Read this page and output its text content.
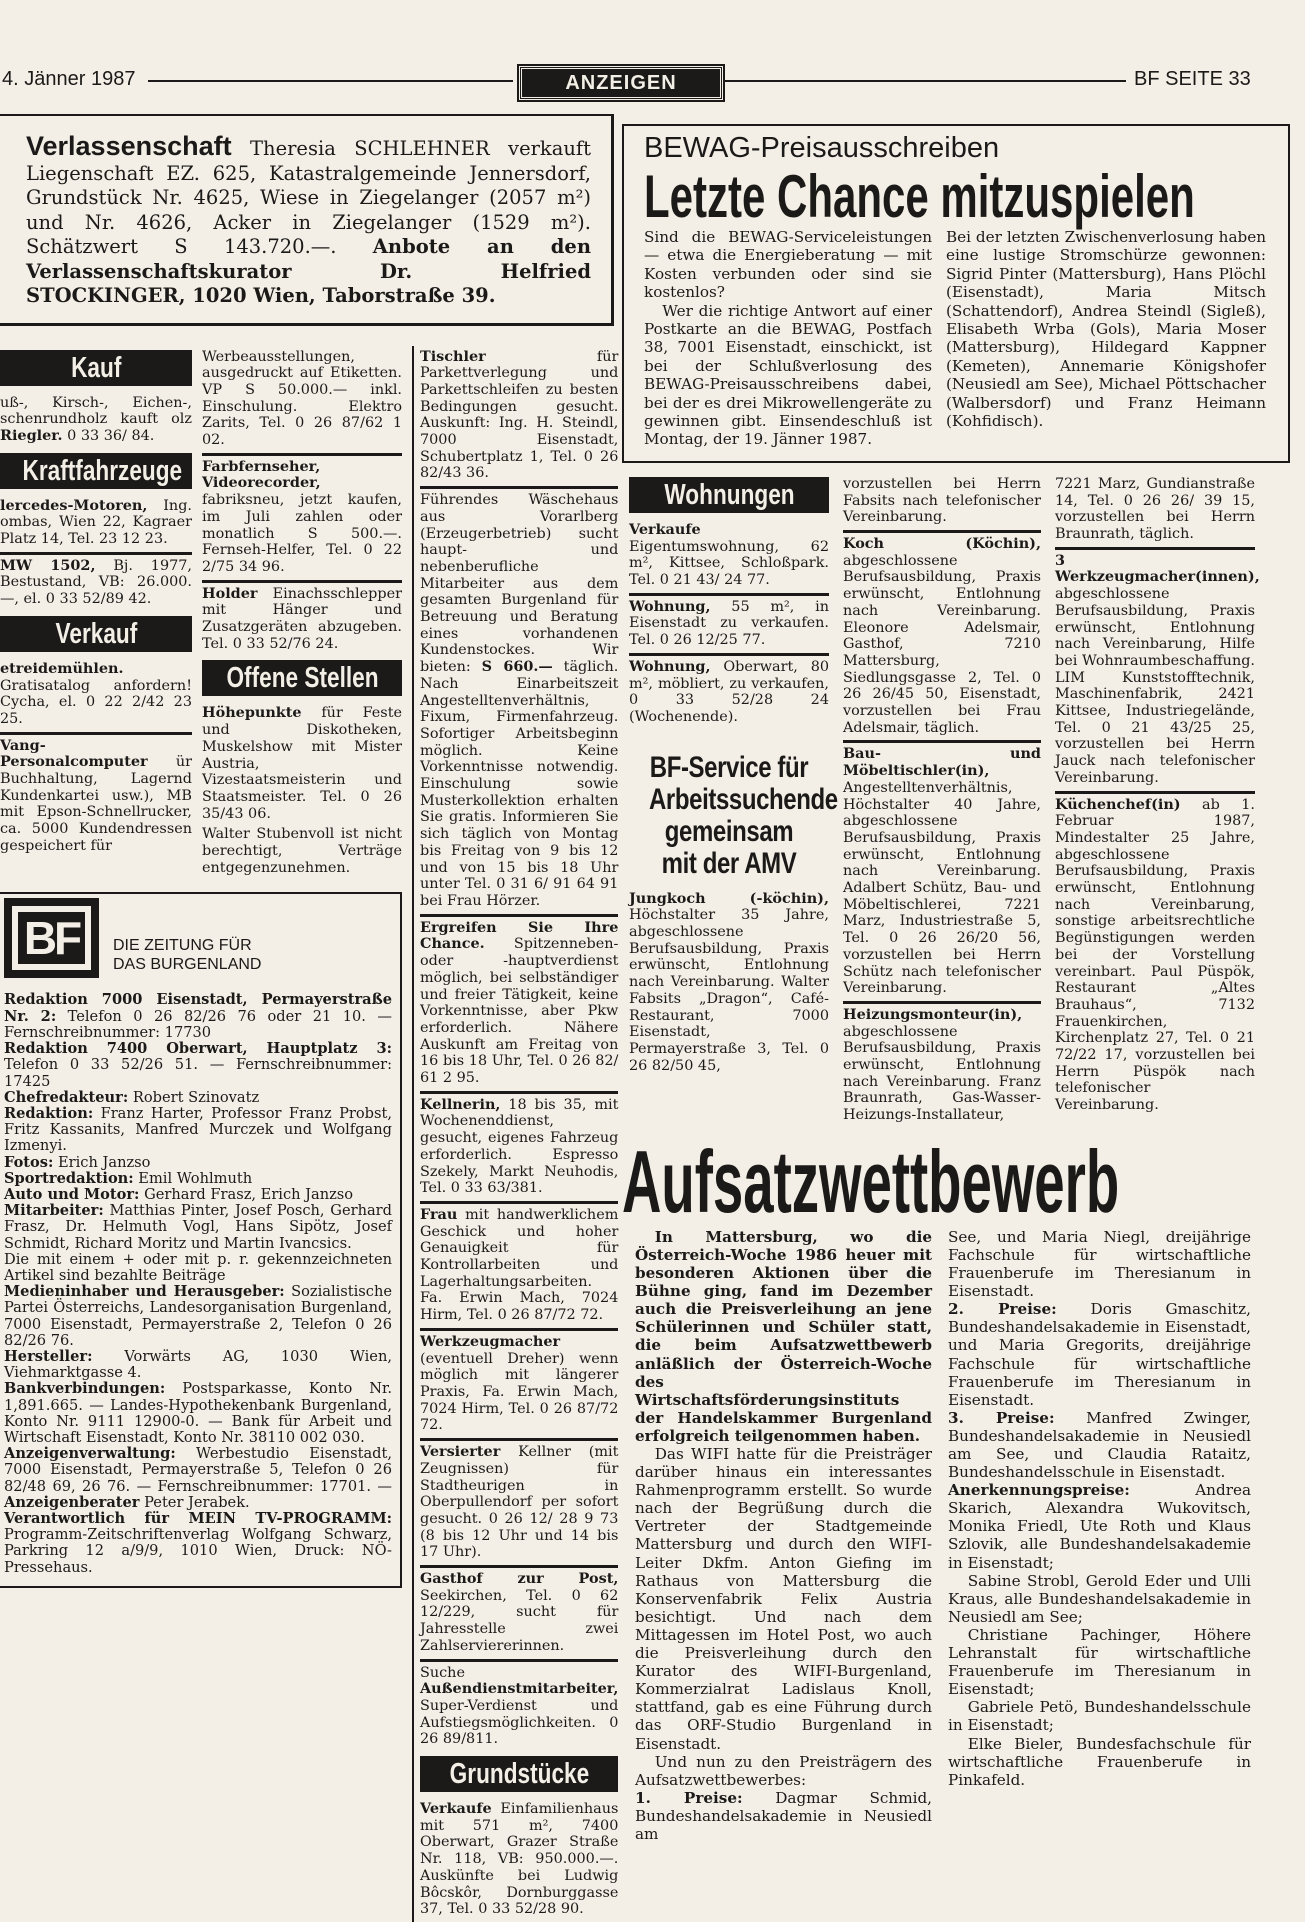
4. Jänner 1987	ANZEIGEN	BF SEITE 33
Verlassenschaft Theresia SCHLEHNER verkauft Liegenschaft EZ. 625, Katastralgemeinde Jennersdorf, Grundstück Nr. 4625, Wiese in Ziegelanger (2057 m²) und Nr. 4626, Acker in Ziegelanger (1529 m²). Schätzwert S 143.720.—. Anbote an den Verlassenschaftskurator Dr. Helfried STOCKINGER, 1020 Wien, Taborstraße 39.
Kauf

uß-, Kirsch-, Eichen-, schenrundholz kauft olz Riegler. 0 33 36/ 84.

Kraftfahrzeuge

lercedes-Motoren, Ing. ombas, Wien 22, Kagraer Platz 14, Tel. 23 12 23.

MW 1502, Bj. 1977, Bestustand, VB: 26.000.—, el. 0 33 52/89 42.

Verkauf

etreidemühlen. Gratisatalog anfordern! Cycha, el. 0 22 2/42 23 25.

Vang-Personalcomputer ür Buchhaltung, Lagernd Kundenkartei usw.), MB mit Epson-Schnellrucker, ca. 5000 Kundendressen gespeichert für

Werbeausstellungen, ausgedruckt auf Etiketten. VP S 50.000.— inkl. Einschulung. Elektro Zarits, Tel. 0 26 87/62 1 02.

Farbfernseher, Videorecorder, fabriksneu, jetzt kaufen, im Juli zahlen oder monatlich S 500.—. Fernseh-Helfer, Tel. 0 22 2/75 34 96.

Holder Einachsschlepper mit Hänger und Zusatzgeräten abzugeben. Tel. 0 33 52/76 24.

Offene Stellen

Höhepunkte für Feste und Diskotheken, Muskelshow mit Mister Austria, Vizestaatsmeisterin und Staatsmeister. Tel. 0 26 35/43 06.

Walter Stubenvoll ist nicht berechtigt, Verträge entgegenzunehmen.

BF	DIE ZEITUNG FÜR
DAS BURGENLAND

Redaktion 7000 Eisenstadt, Permayerstraße Nr. 2: Telefon 0 26 82/26 76 oder 21 10. — Fernschreibnummer: 17730

Redaktion 7400 Oberwart, Hauptplatz 3: Telefon 0 33 52/26 51. — Fernschreibnummer: 17425

Chefredakteur: Robert Szinovatz

Redaktion: Franz Harter, Professor Franz Probst, Fritz Kassanits, Manfred Murczek und Wolfgang Izmenyi.

Fotos: Erich Janzso

Sportredaktion: Emil Wohlmuth

Auto und Motor: Gerhard Frasz, Erich Janzso

Mitarbeiter: Matthias Pinter, Josef Posch, Gerhard Frasz, Dr. Helmuth Vogl, Hans Sipötz, Josef Schmidt, Richard Moritz und Martin Ivancsics.

Die mit einem + oder mit p. r. gekennzeichneten Artikel sind bezahlte Beiträge

Medieninhaber und Herausgeber: Sozialistische Partei Österreichs, Landesorganisation Burgenland, 7000 Eisenstadt, Permayerstraße 2, Telefon 0 26 82/26 76.

Hersteller: Vorwärts AG, 1030 Wien, Viehmarktgasse 4.

Bankverbindungen: Postsparkasse, Konto Nr. 1,891.665. — Landes-Hypothekenbank Burgenland, Konto Nr. 9111 12900-0. — Bank für Arbeit und Wirtschaft Eisenstadt, Konto Nr. 38110 002 030.

Anzeigenverwaltung: Werbestudio Eisenstadt, 7000 Eisenstadt, Permayerstraße 5, Telefon 0 26 82/48 69, 26 76. — Fernschreibnummer: 17701. — Anzeigenberater Peter Jerabek.

Verantwortlich für MEIN TV-PROGRAMM: Programm-Zeitschriftenverlag Wolfgang Schwarz, Parkring 12 a/9/9, 1010 Wien, Druck: NÖ-Pressehaus.

Tischler für Parkettverlegung und Parkettschleifen zu besten Bedingungen gesucht. Auskunft: Ing. H. Steindl, 7000 Eisenstadt, Schubertplatz 1, Tel. 0 26 82/43 36.

Führendes Wäschehaus aus Vorarlberg (Erzeugerbetrieb) sucht haupt- und nebenberufliche Mitarbeiter aus dem gesamten Burgenland für Betreuung und Beratung eines vorhandenen Kundenstockes. Wir bieten: S 660.— täglich. Nach Einarbeitszeit Angestelltenverhältnis, Fixum, Firmenfahrzeug. Sofortiger Arbeitsbeginn möglich. Keine Vorkenntnisse notwendig. Einschulung sowie Musterkollektion erhalten Sie gratis. Informieren Sie sich täglich von Montag bis Freitag von 9 bis 12 und von 15 bis 18 Uhr unter Tel. 0 31 6/ 91 64 91 bei Frau Hörzer.

Ergreifen Sie Ihre Chance. Spitzenneben- oder -hauptverdienst möglich, bei selbständiger und freier Tätigkeit, keine Vorkenntnisse, aber Pkw erforderlich. Nähere Auskunft am Freitag von 16 bis 18 Uhr, Tel. 0 26 82/ 61 2 95.

Kellnerin, 18 bis 35, mit Wochenenddienst, gesucht, eigenes Fahrzeug erforderlich. Espresso Szekely, Markt Neuhodis, Tel. 0 33 63/381.

Frau mit handwerklichem Geschick und hoher Genauigkeit für Kontrollarbeiten und Lagerhaltungsarbeiten. Fa. Erwin Mach, 7024 Hirm, Tel. 0 26 87/72 72.

Werkzeugmacher (eventuell Dreher) wenn möglich mit längerer Praxis, Fa. Erwin Mach, 7024 Hirm, Tel. 0 26 87/72 72.

Versierter Kellner (mit Zeugnissen) für Stadtheurigen in Oberpullendorf per sofort gesucht. 0 26 12/ 28 9 73 (8 bis 12 Uhr und 14 bis 17 Uhr).

Gasthof zur Post, Seekirchen, Tel. 0 62 12/229, sucht für Jahresstelle zwei Zahlserviererinnen.

Suche Außendienstmitarbeiter, Super-Verdienst und Aufstiegsmöglichkeiten. 0 26 89/811.

Grundstücke

Verkaufe Einfamilienhaus mit 571 m², 7400 Oberwart, Grazer Straße Nr. 118, VB: 950.000.—. Auskünfte bei Ludwig Bôcskôr, Dornburggasse 37, Tel. 0 33 52/28 90.

BEWAG-Preisausschreiben
Letzte Chance mitzuspielen

Sind die BEWAG-Serviceleistungen — etwa die Energieberatung — mit Kosten verbunden oder sind sie kostenlos?

Wer die richtige Antwort auf einer Postkarte an die BEWAG, Postfach 38, 7001 Eisenstadt, einschickt, ist bei der Schlußverlosung des BEWAG-Preisausschreibens dabei, bei der es drei Mikrowellengeräte zu gewinnen gibt. Einsendeschluß ist Montag, der 19. Jänner 1987.

Bei der letzten Zwischenverlosung haben eine lustige Stromschürze gewonnen: Sigrid Pinter (Mattersburg), Hans Plöchl (Eisenstadt), Maria Mitsch (Schattendorf), Andrea Steindl (Sigleß), Elisabeth Wrba (Gols), Maria Moser (Mattersburg), Hildegard Kappner (Kemeten), Annemarie Königshofer (Neusiedl am See), Michael Pöttschacher (Walbersdorf) und Franz Heimann (Kohfidisch).

Wohnungen

Verkaufe Eigentumswohnung, 62 m², Kittsee, Schloßpark. Tel. 0 21 43/ 24 77.

Wohnung, 55 m², in Eisenstadt zu verkaufen. Tel. 0 26 12/25 77.

Wohnung, Oberwart, 80 m², möbliert, zu verkaufen, 0 33 52/28 24 (Wochenende).

BF-Service für Arbeitssuchende gemeinsam mit der AMV

Jungkoch (-köchin), Höchstalter 35 Jahre, abgeschlossene Berufsausbildung, Praxis erwünscht, Entlohnung nach Vereinbarung. Walter Fabsits „Dragon“, Café-Restaurant, 7000 Eisenstadt, Permayerstraße 3, Tel. 0 26 82/50 45,

vorzustellen bei Herrn Fabsits nach telefonischer Vereinbarung.

Koch (Köchin), abgeschlossene Berufsausbildung, Praxis erwünscht, Entlohnung nach Vereinbarung. Eleonore Adelsmair, Gasthof, 7210 Mattersburg, Siedlungsgasse 2, Tel. 0 26 26/45 50, Eisenstadt, vorzustellen bei Frau Adelsmair, täglich.

Bau- und Möbeltischler(in), Angestelltenverhältnis, Höchstalter 40 Jahre, abgeschlossene Berufsausbildung, Praxis erwünscht, Entlohnung nach Vereinbarung. Adalbert Schütz, Bau- und Möbeltischlerei, 7221 Marz, Industriestraße 5, Tel. 0 26 26/20 56, vorzustellen bei Herrn Schütz nach telefonischer Vereinbarung.

Heizungsmonteur(in), abgeschlossene Berufsausbildung, Praxis erwünscht, Entlohnung nach Vereinbarung. Franz Braunrath, Gas-Wasser-Heizungs-Installateur,

7221 Marz, Gundianstraße 14, Tel. 0 26 26/ 39 15, vorzustellen bei Herrn Braunrath, täglich.

3 Werkzeugmacher(innen), abgeschlossene Berufsausbildung, Praxis erwünscht, Entlohnung nach Vereinbarung, Hilfe bei Wohnraumbeschaffung. LIM Kunststofftechnik, Maschinenfabrik, 2421 Kittsee, Industriegelände, Tel. 0 21 43/25 25, vorzustellen bei Herrn Jauck nach telefonischer Vereinbarung.

Küchenchef(in) ab 1. Februar 1987, Mindestalter 25 Jahre, abgeschlossene Berufsausbildung, Praxis erwünscht, Entlohnung nach Vereinbarung, sonstige arbeitsrechtliche Begünstigungen werden bei der Vorstellung vereinbart. Paul Püspök, Restaurant „Altes Brauhaus“, 7132 Frauenkirchen, Kirchenplatz 27, Tel. 0 21 72/22 17, vorzustellen bei Herrn Püspök nach telefonischer Vereinbarung.

Aufsatzwettbewerb

In Mattersburg, wo die Österreich-Woche 1986 heuer mit besonderen Aktionen über die Bühne ging, fand im Dezember auch die Preisverleihung an jene Schülerinnen und Schüler statt, die beim Aufsatzwettbewerb anläßlich der Österreich-Woche des Wirtschaftsförderungsinstituts der Handelskammer Burgenland erfolgreich teilgenommen haben.

Das WIFI hatte für die Preisträger darüber hinaus ein interessantes Rahmenprogramm erstellt. So wurde nach der Begrüßung durch die Vertreter der Stadtgemeinde Mattersburg und durch den WIFI-Leiter Dkfm. Anton Giefing im Rathaus von Mattersburg die Konservenfabrik Felix Austria besichtigt. Und nach dem Mittagessen im Hotel Post, wo auch die Preisverleihung durch den Kurator des WIFI-Burgenland, Kommerzialrat Ladislaus Knoll, stattfand, gab es eine Führung durch das ORF-Studio Burgenland in Eisenstadt.

Und nun zu den Preisträgern des Aufsatzwettbewerbes:

1. Preise: Dagmar Schmid, Bundeshandelsakademie in Neusiedl am

See, und Maria Niegl, dreijährige Fachschule für wirtschaftliche Frauenberufe im Theresianum in Eisenstadt.

2. Preise: Doris Gmaschitz, Bundeshandelsakademie in Eisenstadt, und Maria Gregorits, dreijährige Fachschule für wirtschaftliche Frauenberufe im Theresianum in Eisenstadt.

3. Preise: Manfred Zwinger, Bundeshandelsakademie in Neusiedl am See, und Claudia Rataitz, Bundeshandelsschule in Eisenstadt.

Anerkennungspreise: Andrea Skarich, Alexandra Wukovitsch, Monika Friedl, Ute Roth und Klaus Szlovik, alle Bundeshandelsakademie in Eisenstadt;

Sabine Strobl, Gerold Eder und Ulli Kraus, alle Bundeshandelsakademie in Neusiedl am See;

Christiane Pachinger, Höhere Lehranstalt für wirtschaftliche Frauenberufe im Theresianum in Eisenstadt;

Gabriele Petö, Bundeshandelsschule in Eisenstadt;

Elke Bieler, Bundesfachschule für wirtschaftliche Frauenberufe in Pinkafeld.
